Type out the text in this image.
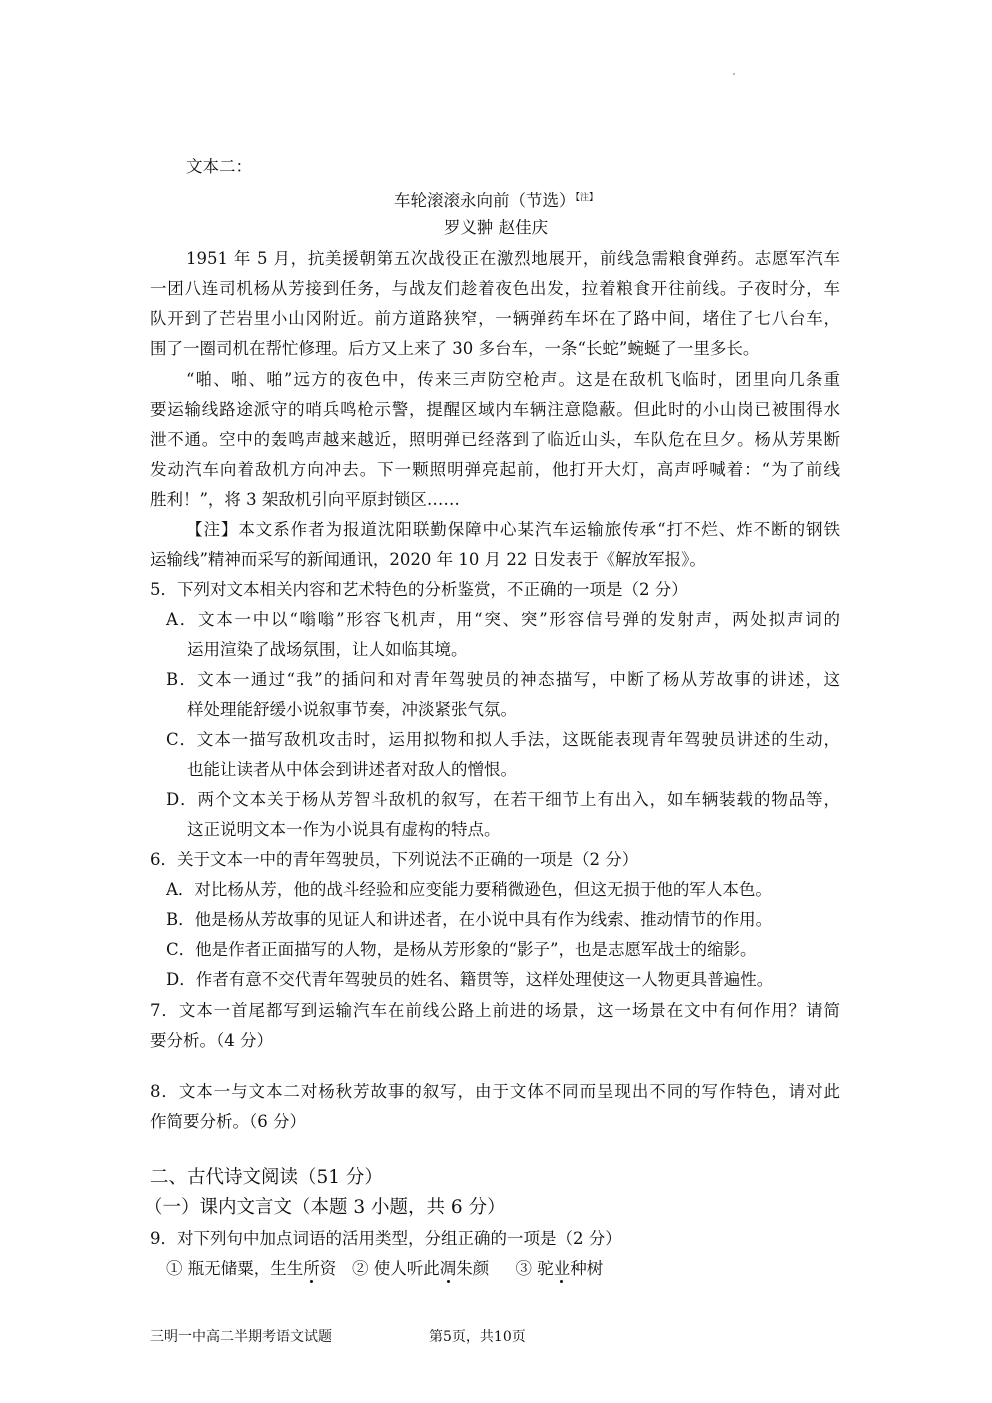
文本二：
车轮滚滚永向前（节选）$^{【注】}$
罗义翀 赵佳庆
1951 年 5 月，抗美援朝第五次战役正在激烈地展开，前线急需粮食弹药。志愿军汽车
一团八连司机杨从芳接到任务，与战友们趁着夜色出发，拉着粮食开往前线。子夜时分，车
队开到了芒岩里小山冈附近。前方道路狭窄，一辆弹药车坏在了路中间，堵住了七八台车，
围了一圈司机在帮忙修理。后方又上来了 30 多台车，一条“长蛇”蜿蜒了一里多长。
“啪、啪、啪”远方的夜色中，传来三声防空枪声。这是在敌机飞临时，团里向几条重
要运输线路途派守的哨兵鸣枪示警，提醒区域内车辆注意隐蔽。但此时的小山岗已被围得水
泄不通。空中的轰鸣声越来越近，照明弹已经落到了临近山头，车队危在旦夕。杨从芳果断
发动汽车向着敌机方向冲去。下一颗照明弹亮起前，他打开大灯，高声呼喊着：“为了前线
胜利！”，将 3 架敌机引向平原封锁区……
【注】本文系作者为报道沈阳联勤保障中心某汽车运输旅传承“打不烂、炸不断的钢铁
运输线”精神而采写的新闻通讯，2020 年 10 月 22 日发表于《解放军报》。
5．下列对文本相关内容和艺术特色的分析鉴赏，不正确的一项是（2 分）
A．文本一中以“嗡嗡”形容飞机声，用“突、突”形容信号弹的发射声，两处拟声词的
运用渲染了战场氛围，让人如临其境。
B．文本一通过“我”的插问和对青年驾驶员的神态描写，中断了杨从芳故事的讲述，这
样处理能舒缓小说叙事节奏，冲淡紧张气氛。
C．文本一描写敌机攻击时，运用拟物和拟人手法，这既能表现青年驾驶员讲述的生动，
也能让读者从中体会到讲述者对敌人的憎恨。
D．两个文本关于杨从芳智斗敌机的叙写，在若干细节上有出入，如车辆装载的物品等，
这正说明文本一作为小说具有虚构的特点。
6．关于文本一中的青年驾驶员，下列说法不正确的一项是（2 分）
A．对比杨从芳，他的战斗经验和应变能力要稍微逊色，但这无损于他的军人本色。
B．他是杨从芳故事的见证人和讲述者，在小说中具有作为线索、推动情节的作用。
C．他是作者正面描写的人物，是杨从芳形象的“影子”，也是志愿军战士的缩影。
D．作者有意不交代青年驾驶员的姓名、籍贯等，这样处理使这一人物更具普遍性。
7．文本一首尾都写到运输汽车在前线公路上前进的场景，这一场景在文中有何作用？请简
要分析。（4 分）
8．文本一与文本二对杨秋芳故事的叙写，由于文体不同而呈现出不同的写作特色，请对此
作简要分析。（6 分）
二、古代诗文阅读（51 分）
（一）课内文言文（本题 3 小题，共 6 分）
9．对下列句中加点词语的活用类型，分组正确的一项是（2 分）
① 瓶无储粟，生生所资 ② 使人听此凋朱颜 ③ 驼业种树
三明一中高二半期考语文试题	第5页，共10页
